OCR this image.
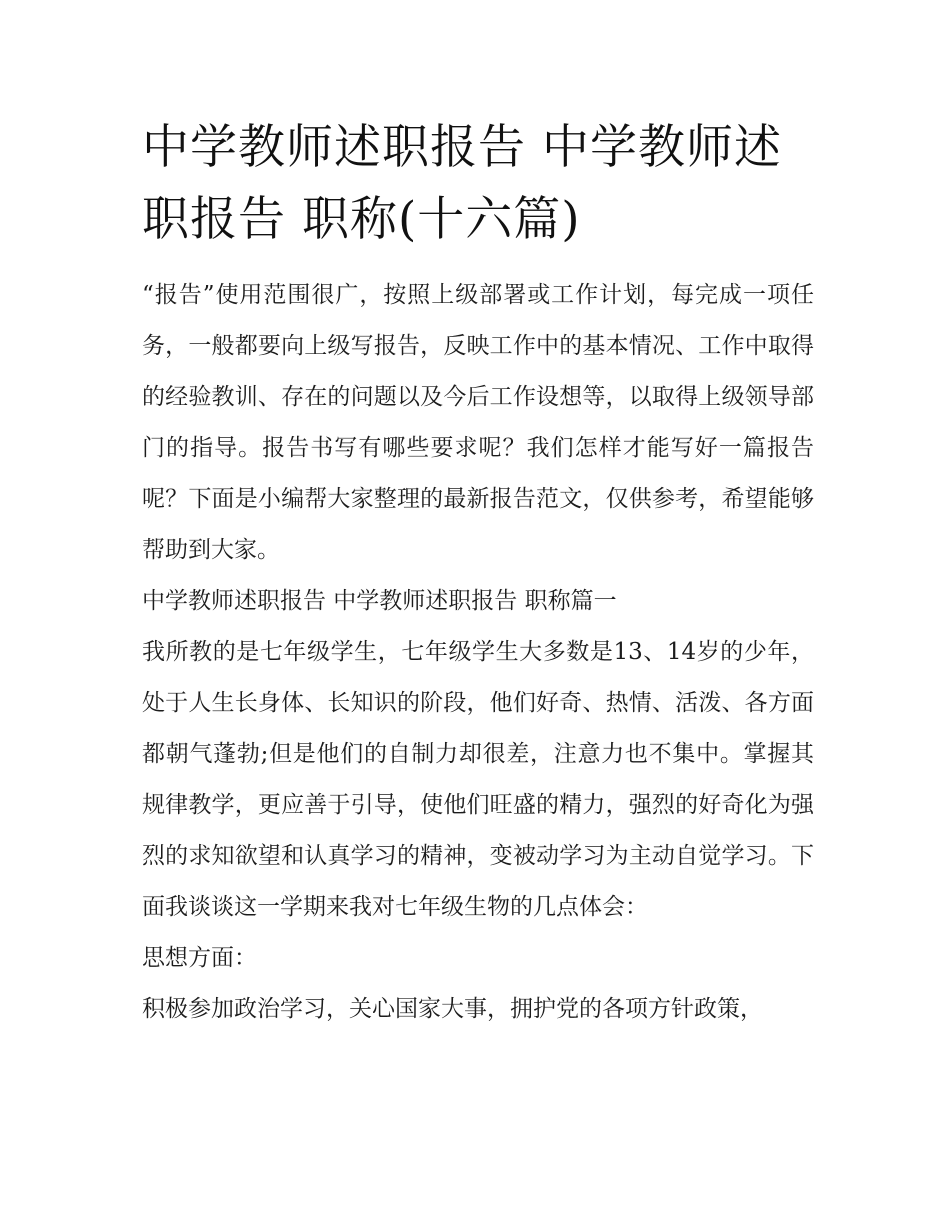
中学教师述职报告 中学教师述职报告 职称(十六篇)

“报告”使用范围很广，按照上级部署或工作计划，每完成一项任务，一般都要向上级写报告，反映工作中的基本情况、工作中取得的经验教训、存在的问题以及今后工作设想等，以取得上级领导部门的指导。报告书写有哪些要求呢？我们怎样才能写好一篇报告呢？下面是小编帮大家整理的最新报告范文，仅供参考，希望能够帮助到大家。

中学教师述职报告 中学教师述职报告 职称篇一

我所教的是七年级学生，七年级学生大多数是13、14岁的少年，处于人生长身体、长知识的阶段，他们好奇、热情、活泼、各方面都朝气蓬勃;但是他们的自制力却很差，注意力也不集中。掌握其规律教学，更应善于引导，使他们旺盛的精力，强烈的好奇化为强烈的求知欲望和认真学习的精神，变被动学习为主动自觉学习。下面我谈谈这一学期来我对七年级生物的几点体会：

思想方面：

积极参加政治学习，关心国家大事，拥护党的各项方针政策，
